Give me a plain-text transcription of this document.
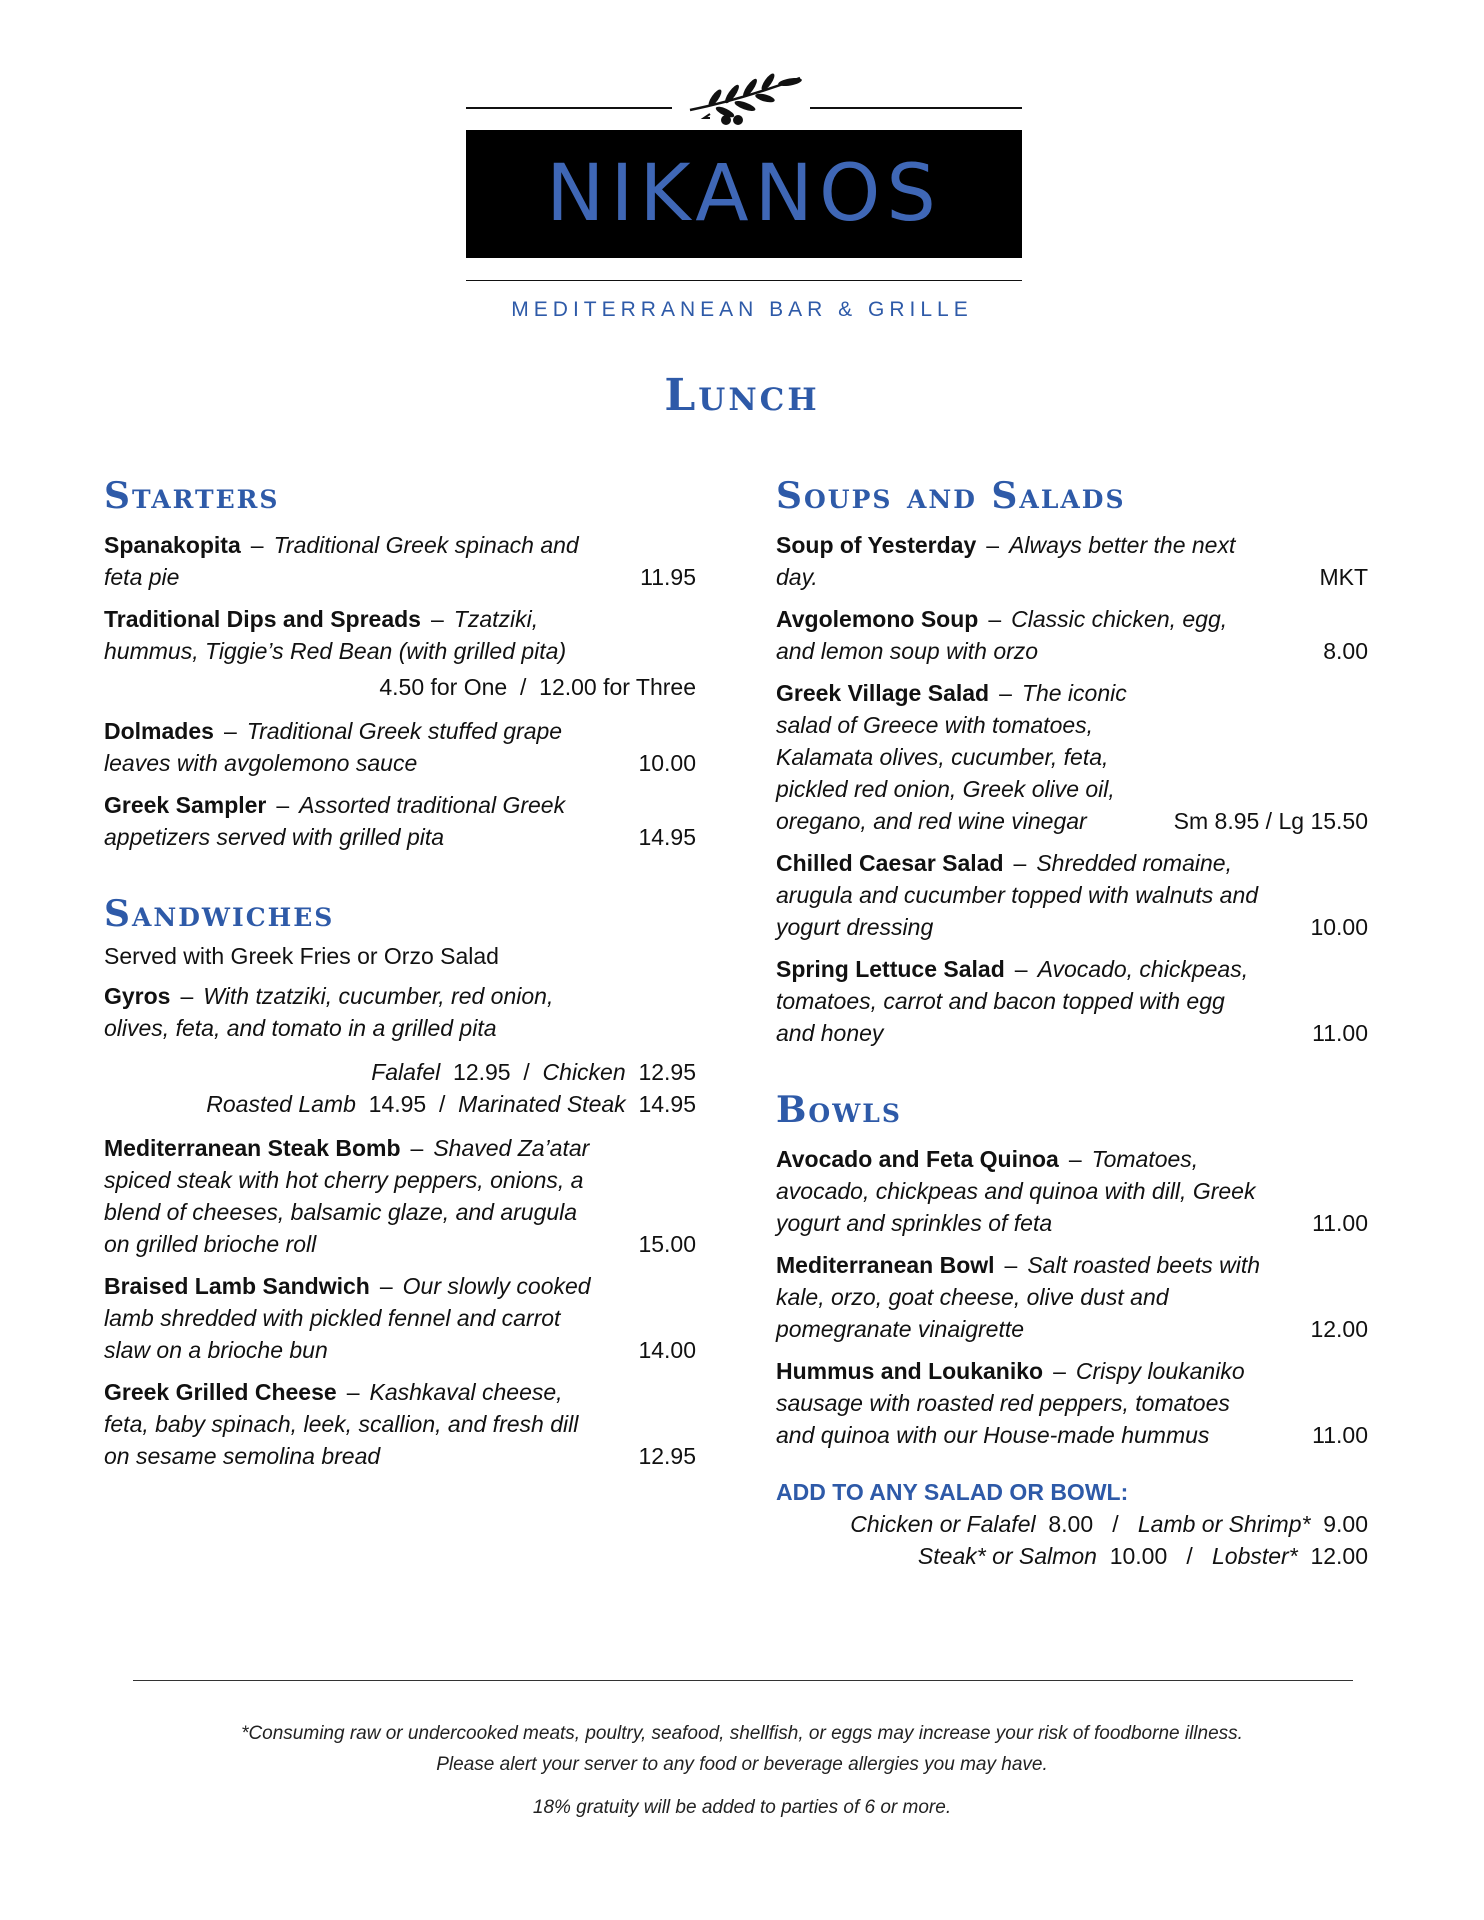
NIKANOS
MEDITERRANEAN BAR & GRILLE
Lunch
Starters
Spanakopita – Traditional Greek spinach and feta pie	11.95
Traditional Dips and Spreads – Tzatziki, hummus, Tiggie’s Red Bean (with grilled pita)
4.50 for One  /  12.00 for Three
Dolmades – Traditional Greek stuffed grape leaves with avgolemono sauce	10.00
Greek Sampler – Assorted traditional Greek appetizers served with grilled pita	14.95
Sandwiches
Served with Greek Fries or Orzo Salad
Gyros – With tzatziki, cucumber, red onion, olives, feta, and tomato in a grilled pita
Falafel 12.95  /  Chicken 12.95
Roasted Lamb 14.95  /  Marinated Steak 14.95
Mediterranean Steak Bomb – Shaved Za’atar spiced steak with hot cherry peppers, onions, a blend of cheeses, balsamic glaze, and arugula on grilled brioche roll	15.00
Braised Lamb Sandwich – Our slowly cooked lamb shredded with pickled fennel and carrot slaw on a brioche bun	14.00
Greek Grilled Cheese – Kashkaval cheese, feta, baby spinach, leek, scallion, and fresh dill on sesame semolina bread	12.95
Soups and Salads
Soup of Yesterday – Always better the next day.	MKT
Avgolemono Soup – Classic chicken, egg, and lemon soup with orzo	8.00
Greek Village Salad – The iconic salad of Greece with tomatoes, Kalamata olives, cucumber, feta, pickled red onion, Greek olive oil, oregano, and red wine vinegar	Sm 8.95 / Lg 15.50
Chilled Caesar Salad – Shredded romaine, arugula and cucumber topped with walnuts and yogurt dressing	10.00
Spring Lettuce Salad – Avocado, chickpeas, tomatoes, carrot and bacon topped with egg and honey	11.00
Bowls
Avocado and Feta Quinoa – Tomatoes, avocado, chickpeas and quinoa with dill, Greek yogurt and sprinkles of feta	11.00
Mediterranean Bowl – Salt roasted beets with kale, orzo, goat cheese, olive dust and pomegranate vinaigrette	12.00
Hummus and Loukaniko – Crispy loukaniko sausage with roasted red peppers, tomatoes and quinoa with our House-made hummus	11.00
ADD TO ANY SALAD OR BOWL:
Chicken or Falafel 8.00   /   Lamb or Shrimp* 9.00
Steak* or Salmon 10.00   /   Lobster* 12.00
*Consuming raw or undercooked meats, poultry, seafood, shellfish, or eggs may increase your risk of foodborne illness.
Please alert your server to any food or beverage allergies you may have.
18% gratuity will be added to parties of 6 or more.
